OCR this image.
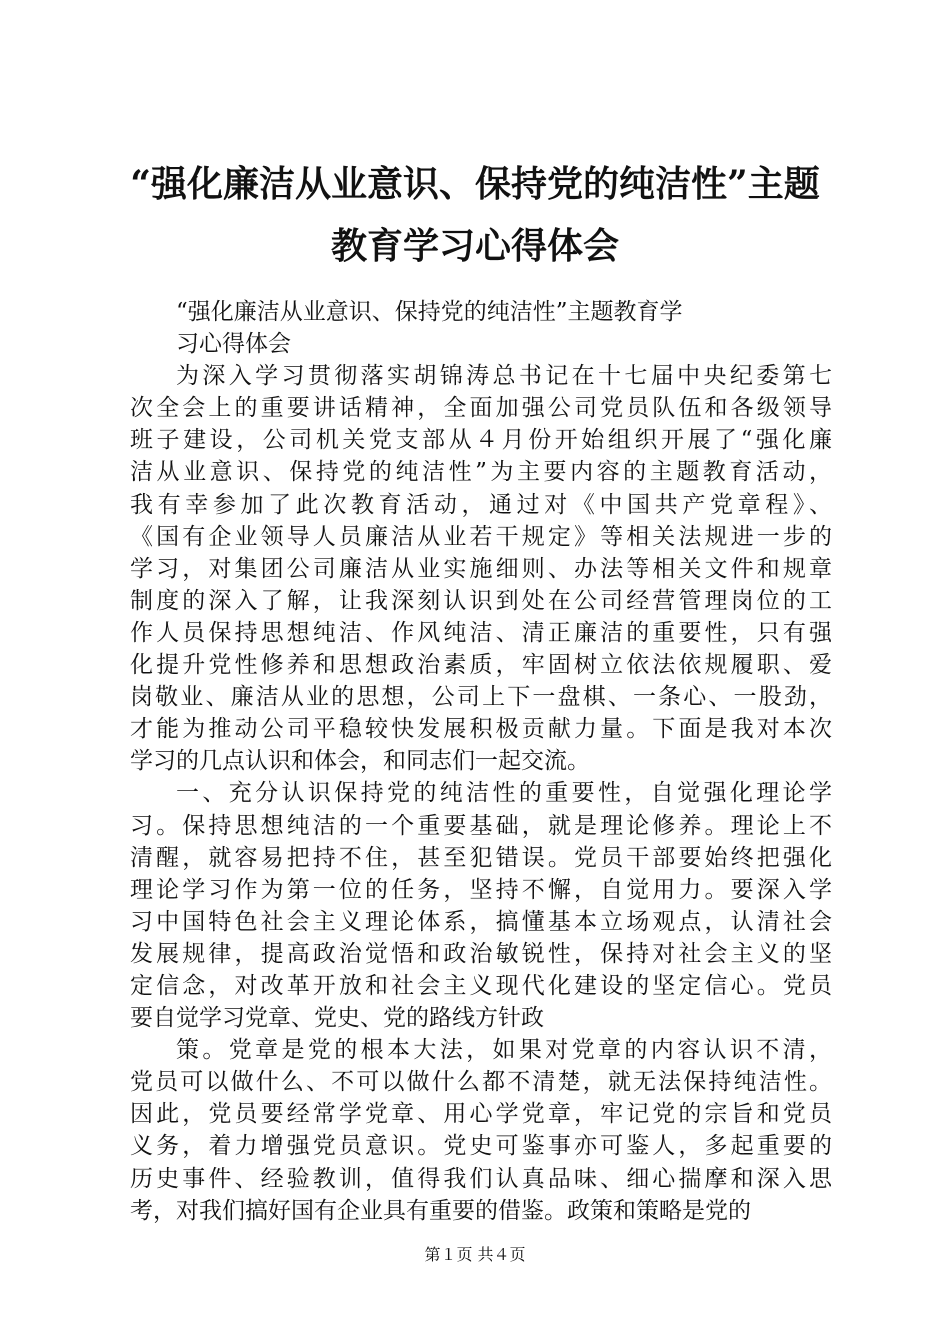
“强化廉洁从业意识、保持党的纯洁性”主题
教育学习心得体会
“强化廉洁从业意识、保持党的纯洁性”主题教育学
习心得体会
为深入学习贯彻落实胡锦涛总书记在十七届中央纪委第七
次全会上的重要讲话精神，全面加强公司党员队伍和各级领导
班子建设，公司机关党支部从４月份开始组织开展了“强化廉
洁从业意识、保持党的纯洁性”为主要内容的主题教育活动，
我有幸参加了此次教育活动，通过对《中国共产党章程》、
《国有企业领导人员廉洁从业若干规定》等相关法规进一步的
学习，对集团公司廉洁从业实施细则、办法等相关文件和规章
制度的深入了解，让我深刻认识到处在公司经营管理岗位的工
作人员保持思想纯洁、作风纯洁、清正廉洁的重要性，只有强
化提升党性修养和思想政治素质，牢固树立依法依规履职、爱
岗敬业、廉洁从业的思想，公司上下一盘棋、一条心、一股劲，
才能为推动公司平稳较快发展积极贡献力量。下面是我对本次
学习的几点认识和体会，和同志们一起交流。
一、充分认识保持党的纯洁性的重要性，自觉强化理论学
习。保持思想纯洁的一个重要基础，就是理论修养。理论上不
清醒，就容易把持不住，甚至犯错误。党员干部要始终把强化
理论学习作为第一位的任务，坚持不懈，自觉用力。要深入学
习中国特色社会主义理论体系，搞懂基本立场观点，认清社会
发展规律，提高政治觉悟和政治敏锐性，保持对社会主义的坚
定信念，对改革开放和社会主义现代化建设的坚定信心。党员
要自觉学习党章、党史、党的路线方针政
策。党章是党的根本大法，如果对党章的内容认识不清，
党员可以做什么、不可以做什么都不清楚，就无法保持纯洁性。
因此，党员要经常学党章、用心学党章，牢记党的宗旨和党员
义务，着力增强党员意识。党史可鉴事亦可鉴人，多起重要的
历史事件、经验教训，值得我们认真品味、细心揣摩和深入思
考，对我们搞好国有企业具有重要的借鉴。政策和策略是党的
第１页 共４页
